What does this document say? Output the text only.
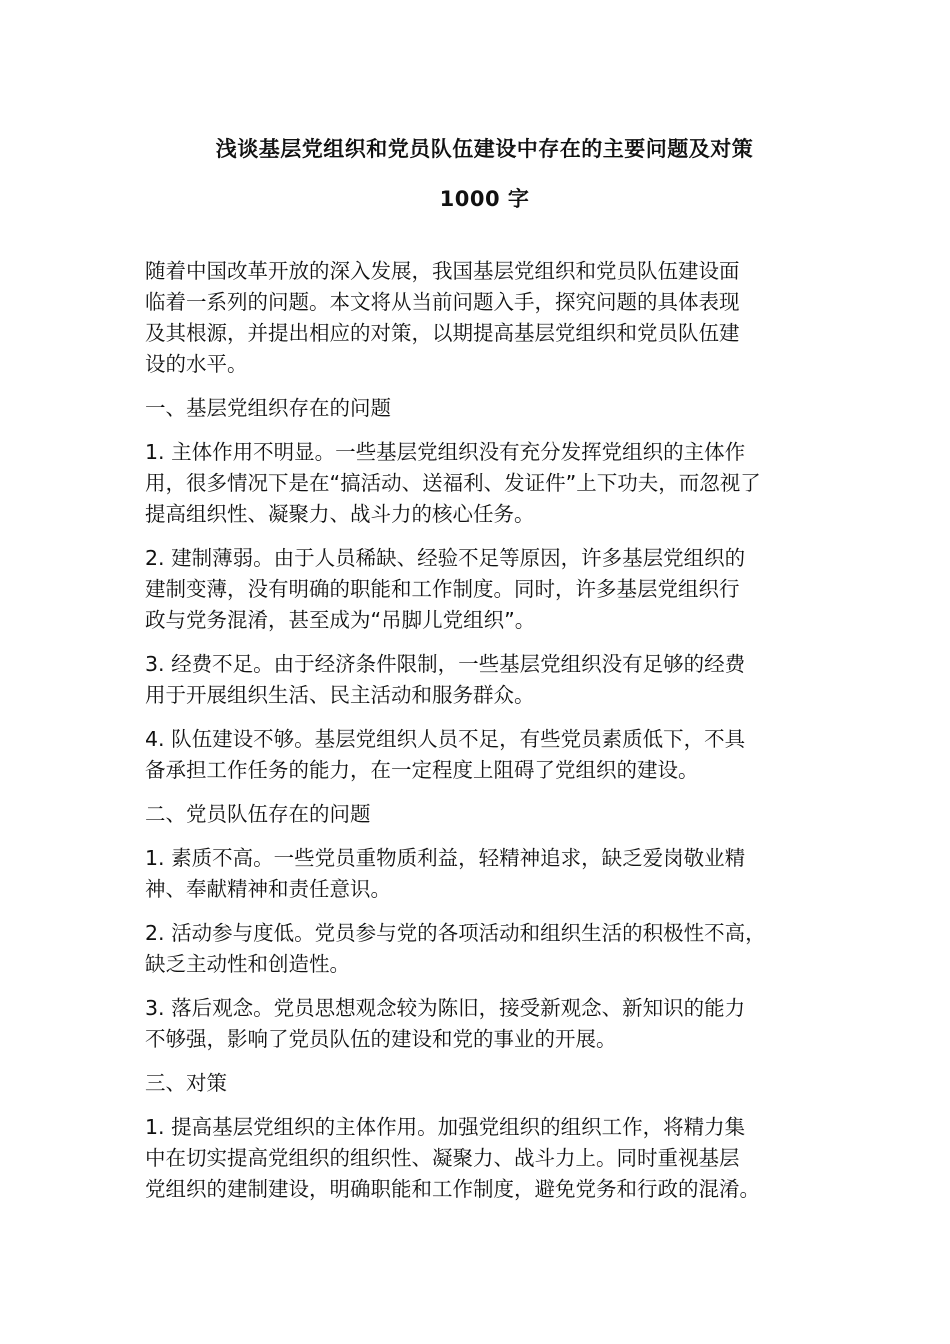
浅谈基层党组织和党员队伍建设中存在的主要问题及对策
1000 字

随着中国改革开放的深入发展，我国基层党组织和党员队伍建设面
临着一系列的问题。本文将从当前问题入手，探究问题的具体表现
及其根源，并提出相应的对策，以期提高基层党组织和党员队伍建
设的水平。

一、基层党组织存在的问题

1. 主体作用不明显。一些基层党组织没有充分发挥党组织的主体作
用，很多情况下是在“搞活动、送福利、发证件”上下功夫，而忽视了
提高组织性、凝聚力、战斗力的核心任务。

2. 建制薄弱。由于人员稀缺、经验不足等原因，许多基层党组织的
建制变薄，没有明确的职能和工作制度。同时，许多基层党组织行
政与党务混淆，甚至成为“吊脚儿党组织”。

3. 经费不足。由于经济条件限制，一些基层党组织没有足够的经费
用于开展组织生活、民主活动和服务群众。

4. 队伍建设不够。基层党组织人员不足，有些党员素质低下，不具
备承担工作任务的能力，在一定程度上阻碍了党组织的建设。

二、党员队伍存在的问题

1. 素质不高。一些党员重物质利益，轻精神追求，缺乏爱岗敬业精
神、奉献精神和责任意识。

2. 活动参与度低。党员参与党的各项活动和组织生活的积极性不高，
缺乏主动性和创造性。

3. 落后观念。党员思想观念较为陈旧，接受新观念、新知识的能力
不够强，影响了党员队伍的建设和党的事业的开展。

三、对策

1. 提高基层党组织的主体作用。加强党组织的组织工作，将精力集
中在切实提高党组织的组织性、凝聚力、战斗力上。同时重视基层
党组织的建制建设，明确职能和工作制度，避免党务和行政的混淆。
